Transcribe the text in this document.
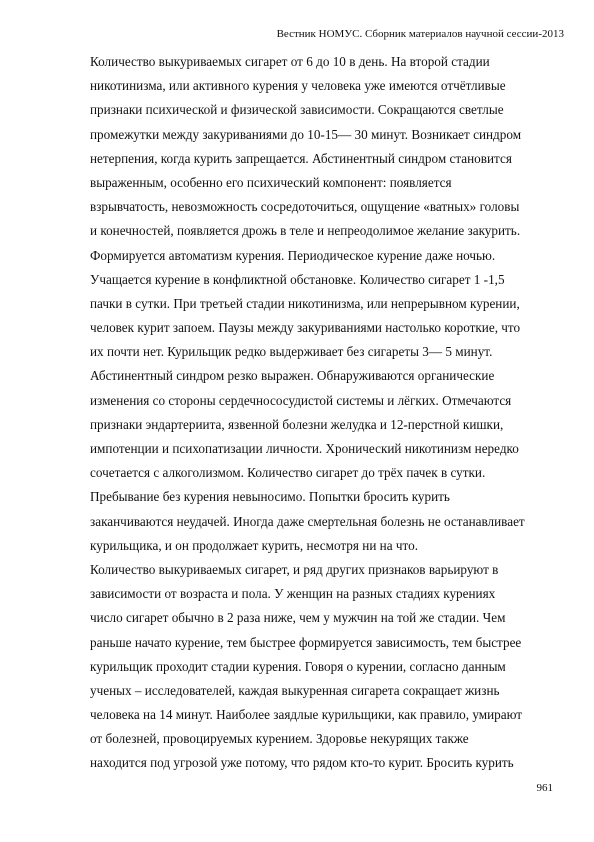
Вестник НОМУС. Сборник материалов научной сессии-2013
Количество выкуриваемых сигарет от 6 до 10 в день. На второй стадии
никотинизма, или активного курения у человека уже имеются отчётливые
признаки психической и физической зависимости. Сокращаются светлые
промежутки между закуриваниями до 10-15— 30 минут. Возникает синдром
нетерпения, когда курить запрещается. Абстинентный синдром становится
выраженным, особенно его психический компонент: появляется
взрывчатость, невозможность сосредоточиться, ощущение «ватных» головы
и конечностей, появляется дрожь в теле и непреодолимое желание закурить.
Формируется автоматизм курения. Периодическое курение даже ночью.
Учащается курение в конфликтной обстановке. Количество сигарет 1 -1,5
пачки в сутки. При третьей стадии никотинизма, или непрерывном курении,
человек курит запоем. Паузы между закуриваниями настолько короткие, что
их почти нет. Курильщик редко выдерживает без сигареты 3— 5 минут.
Абстинентный синдром резко выражен. Обнаруживаются органические
изменения со стороны сердечнососудистой системы и лёгких. Отмечаются
признаки эндартериита, язвенной болезни желудка и 12-перстной кишки,
импотенции и психопатизации личности. Хронический никотинизм нередко
сочетается с алкоголизмом. Количество сигарет до трёх пачек в сутки.
Пребывание без курения невыносимо. Попытки бросить курить
заканчиваются неудачей. Иногда даже смертельная болезнь не останавливает
курильщика, и он продолжает курить, несмотря ни на что.
Количество выкуриваемых сигарет, и ряд других признаков варьируют в
зависимости от возраста и пола. У женщин на разных стадиях курениях
число сигарет обычно в 2 раза ниже, чем у мужчин на той же стадии. Чем
раньше начато курение, тем быстрее формируется зависимость, тем быстрее
курильщик проходит стадии курения. Говоря о курении, согласно данным
ученых – исследователей, каждая выкуренная сигарета сокращает жизнь
человека на 14 минут. Наиболее заядлые курильщики, как правило, умирают
от болезней, провоцируемых курением. Здоровье некурящих также
находится под угрозой уже потому, что рядом кто-то курит. Бросить курить
961
